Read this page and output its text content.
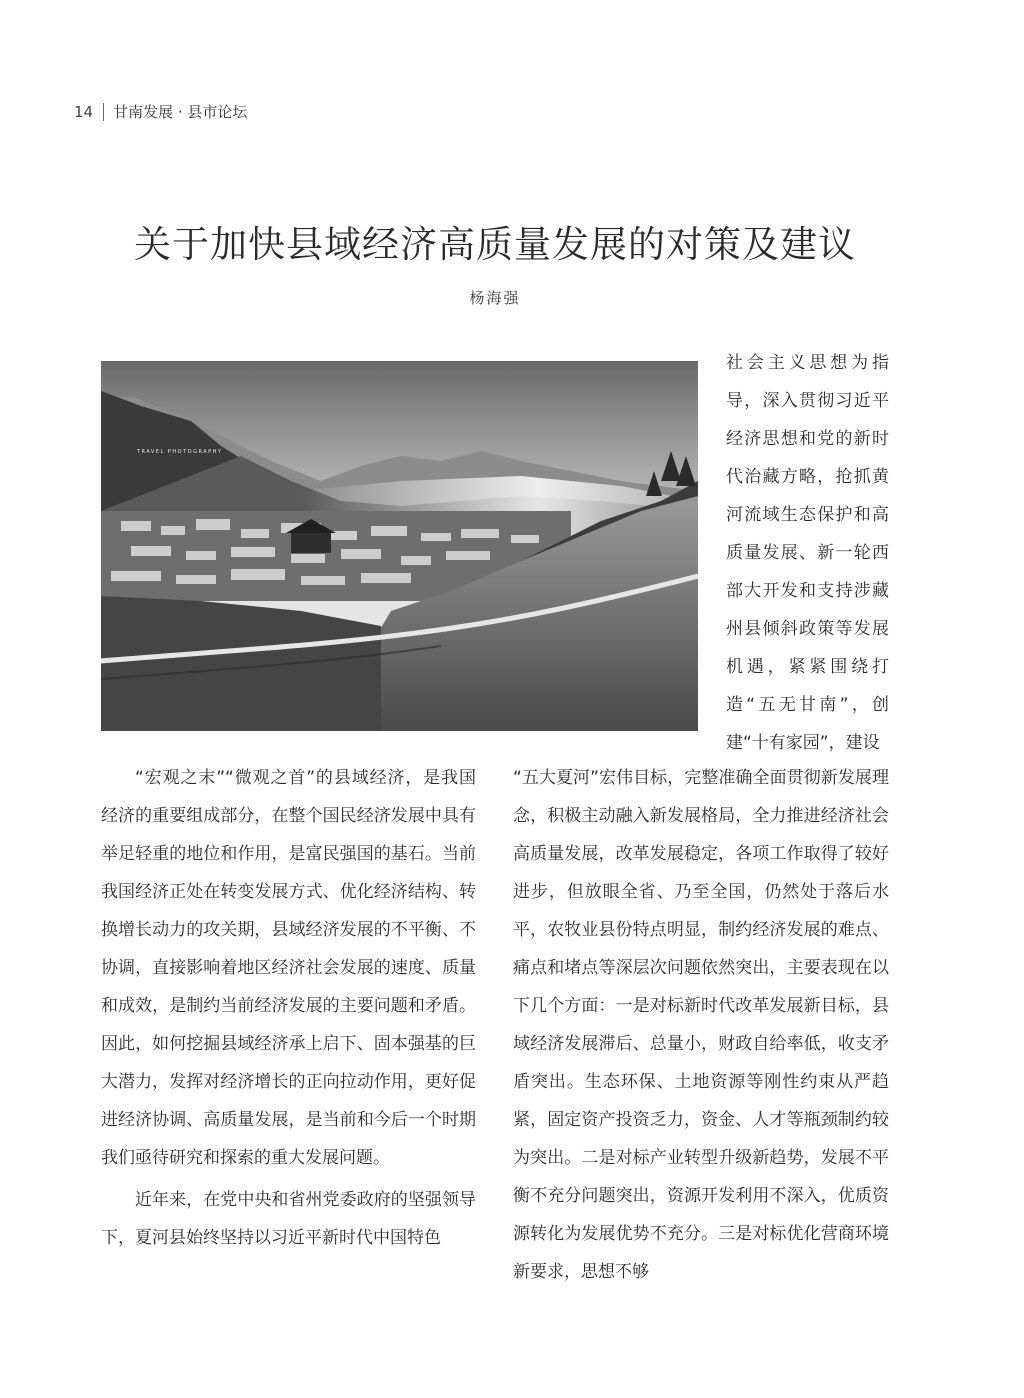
14 甘南发展 · 县市论坛
关于加快县域经济高质量发展的对策及建议
杨海强
TRAVEL PHOTOGRAPHY

社会主义思想为指导，深入贯彻习近平经济思想和党的新时代治藏方略，抢抓黄河流域生态保护和高质量发展、新一轮西部大开发和支持涉藏州县倾斜政策等发展机遇，紧紧围绕打造“五无甘南”，创建“十有家园”，建设

“宏观之末”“微观之首”的县域经济，是我国经济的重要组成部分，在整个国民经济发展中具有举足轻重的地位和作用，是富民强国的基石。当前我国经济正处在转变发展方式、优化经济结构、转换增长动力的攻关期，县域经济发展的不平衡、不协调，直接影响着地区经济社会发展的速度、质量和成效，是制约当前经济发展的主要问题和矛盾。因此，如何挖掘县域经济承上启下、固本强基的巨大潜力，发挥对经济增长的正向拉动作用，更好促进经济协调、高质量发展，是当前和今后一个时期我们亟待研究和探索的重大发展问题。
近年来，在党中央和省州党委政府的坚强领导下，夏河县始终坚持以习近平新时代中国特色

“五大夏河”宏伟目标，完整准确全面贯彻新发展理念，积极主动融入新发展格局，全力推进经济社会高质量发展，改革发展稳定，各项工作取得了较好进步，但放眼全省、乃至全国，仍然处于落后水平，农牧业县份特点明显，制约经济发展的难点、痛点和堵点等深层次问题依然突出，主要表现在以下几个方面：一是对标新时代改革发展新目标，县域经济发展滞后、总量小，财政自给率低，收支矛盾突出。生态环保、土地资源等刚性约束从严趋紧，固定资产投资乏力，资金、人才等瓶颈制约较为突出。二是对标产业转型升级新趋势，发展不平衡不充分问题突出，资源开发利用不深入，优质资源转化为发展优势不充分。三是对标优化营商环境新要求，思想不够
